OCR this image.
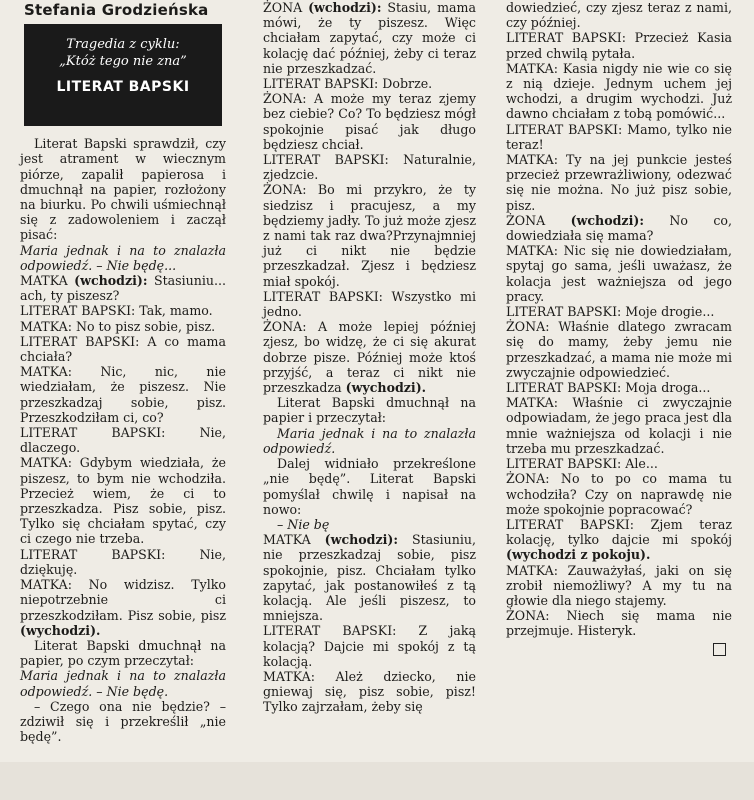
Stefania Grodzieńska
Tragedia z cyklu:
„Któż tego nie zna”
LITERAT BAPSKI

Literat Bapski sprawdził, czy jest atrament w wiecznym piórze, zapalił papierosa i dmuchnął na papier, rozłożony na biurku. Po chwili uśmiechnął się z zadowoleniem i zaczął pisać:

Maria jednak i na to znalazła odpowiedź. – Nie będę...

MATKA (wchodzi): Stasiuniu... ach, ty piszesz?

LITERAT BAPSKI: Tak, mamo.

MATKA: No to pisz sobie, pisz.

LITERAT BAPSKI: A co mama chciała?

MATKA: Nic, nic, nie wiedziałam, że piszesz. Nie przeszkadzaj sobie, pisz. Przeszkodziłam ci, co?

LITERAT BAPSKI: Nie, dlaczego.

MATKA: Gdybym wiedziała, że piszesz, to bym nie wchodziła. Przecież wiem, że ci to przeszkadza. Pisz sobie, pisz. Tylko się chciałam spytać, czy ci czego nie trzeba.

LITERAT BAPSKI: Nie, dziękuję.

MATKA: No widzisz. Tylko niepotrzebnie ci przeszkodziłam. Pisz sobie, pisz (wychodzi).

Literat Bapski dmuchnął na papier, po czym przeczytał:

Maria jednak i na to znalazła odpowiedź. – Nie będę.

– Czego ona nie będzie? – zdziwił się i przekreślił „nie będę”.

ŻONA (wchodzi): Stasiu, mama mówi, że ty piszesz. Więc chciałam zapytać, czy może ci kolację dać później, żeby ci teraz nie przeszkadzać.

LITERAT BAPSKI: Dobrze.

ŻONA: A może my teraz zjemy bez ciebie? Co? To będziesz mógł spokojnie pisać jak długo będziesz chciał.

LITERAT BAPSKI: Naturalnie, zjedzcie.

ŻONA: Bo mi przykro, że ty siedzisz i pracujesz, a my będziemy jadły. To już może zjesz z nami tak raz dwa?Przynajmniej już ci nikt nie będzie przeszkadzał. Zjesz i będziesz miał spokój.

LITERAT BAPSKI: Wszystko mi jedno.

ŻONA: A może lepiej później zjesz, bo widzę, że ci się akurat dobrze pisze. Później może ktoś przyjść, a teraz ci nikt nie przeszkadza (wychodzi).

Literat Bapski dmuchnął na papier i przeczytał:

Maria jednak i na to znalazła odpowiedź.

Dalej widniało przekreślone „nie będę”. Literat Bapski pomyślał chwilę i napisał na nowo:

– Nie bę

MATKA (wchodzi): Stasiuniu, nie przeszkadzaj sobie, pisz spokojnie, pisz. Chciałam tylko zapytać, jak postanowiłeś z tą kolacją. Ale jeśli piszesz, to mniejsza.

LITERAT BAPSKI: Z jaką kolacją? Dajcie mi spokój z tą kolacją.

MATKA: Ależ dziecko, nie gniewaj się, pisz sobie, pisz! Tylko zajrzałam, żeby się

dowiedzieć, czy zjesz teraz z nami, czy później.

LITERAT BAPSKI: Przecież Kasia przed chwilą pytała.

MATKA: Kasia nigdy nie wie co się z nią dzieje. Jednym uchem jej wchodzi, a drugim wychodzi. Już dawno chciałam z tobą pomówić...

LITERAT BAPSKI: Mamo, tylko nie teraz!

MATKA: Ty na jej punkcie jesteś przecież przewrażliwiony, odezwać się nie można. No już pisz sobie, pisz.

ŻONA (wchodzi): No co, dowiedziała się mama?

MATKA: Nic się nie dowiedziałam, spytaj go sama, jeśli uważasz, że kolacja jest ważniejsza od jego pracy.

LITERAT BAPSKI: Moje drogie...

ŻONA: Właśnie dlatego zwracam się do mamy, żeby jemu nie przeszkadzać, a mama nie może mi zwyczajnie odpowiedzieć.

LITERAT BAPSKI: Moja droga...

MATKA: Właśnie ci zwyczajnie odpowiadam, że jego praca jest dla mnie ważniejsza od kolacji i nie trzeba mu przeszkadzać.

LITERAT BAPSKI: Ale...

ŻONA: No to po co mama tu wchodziła? Czy on naprawdę nie może spokojnie popracować?

LITERAT BAPSKI: Zjem teraz kolację, tylko dajcie mi spokój (wychodzi z pokoju).

MATKA: Zauważyłaś, jaki on się zrobił niemożliwy? A my tu na głowie dla niego stajemy.

ŻONA: Niech się mama nie przejmuje. Histeryk.
